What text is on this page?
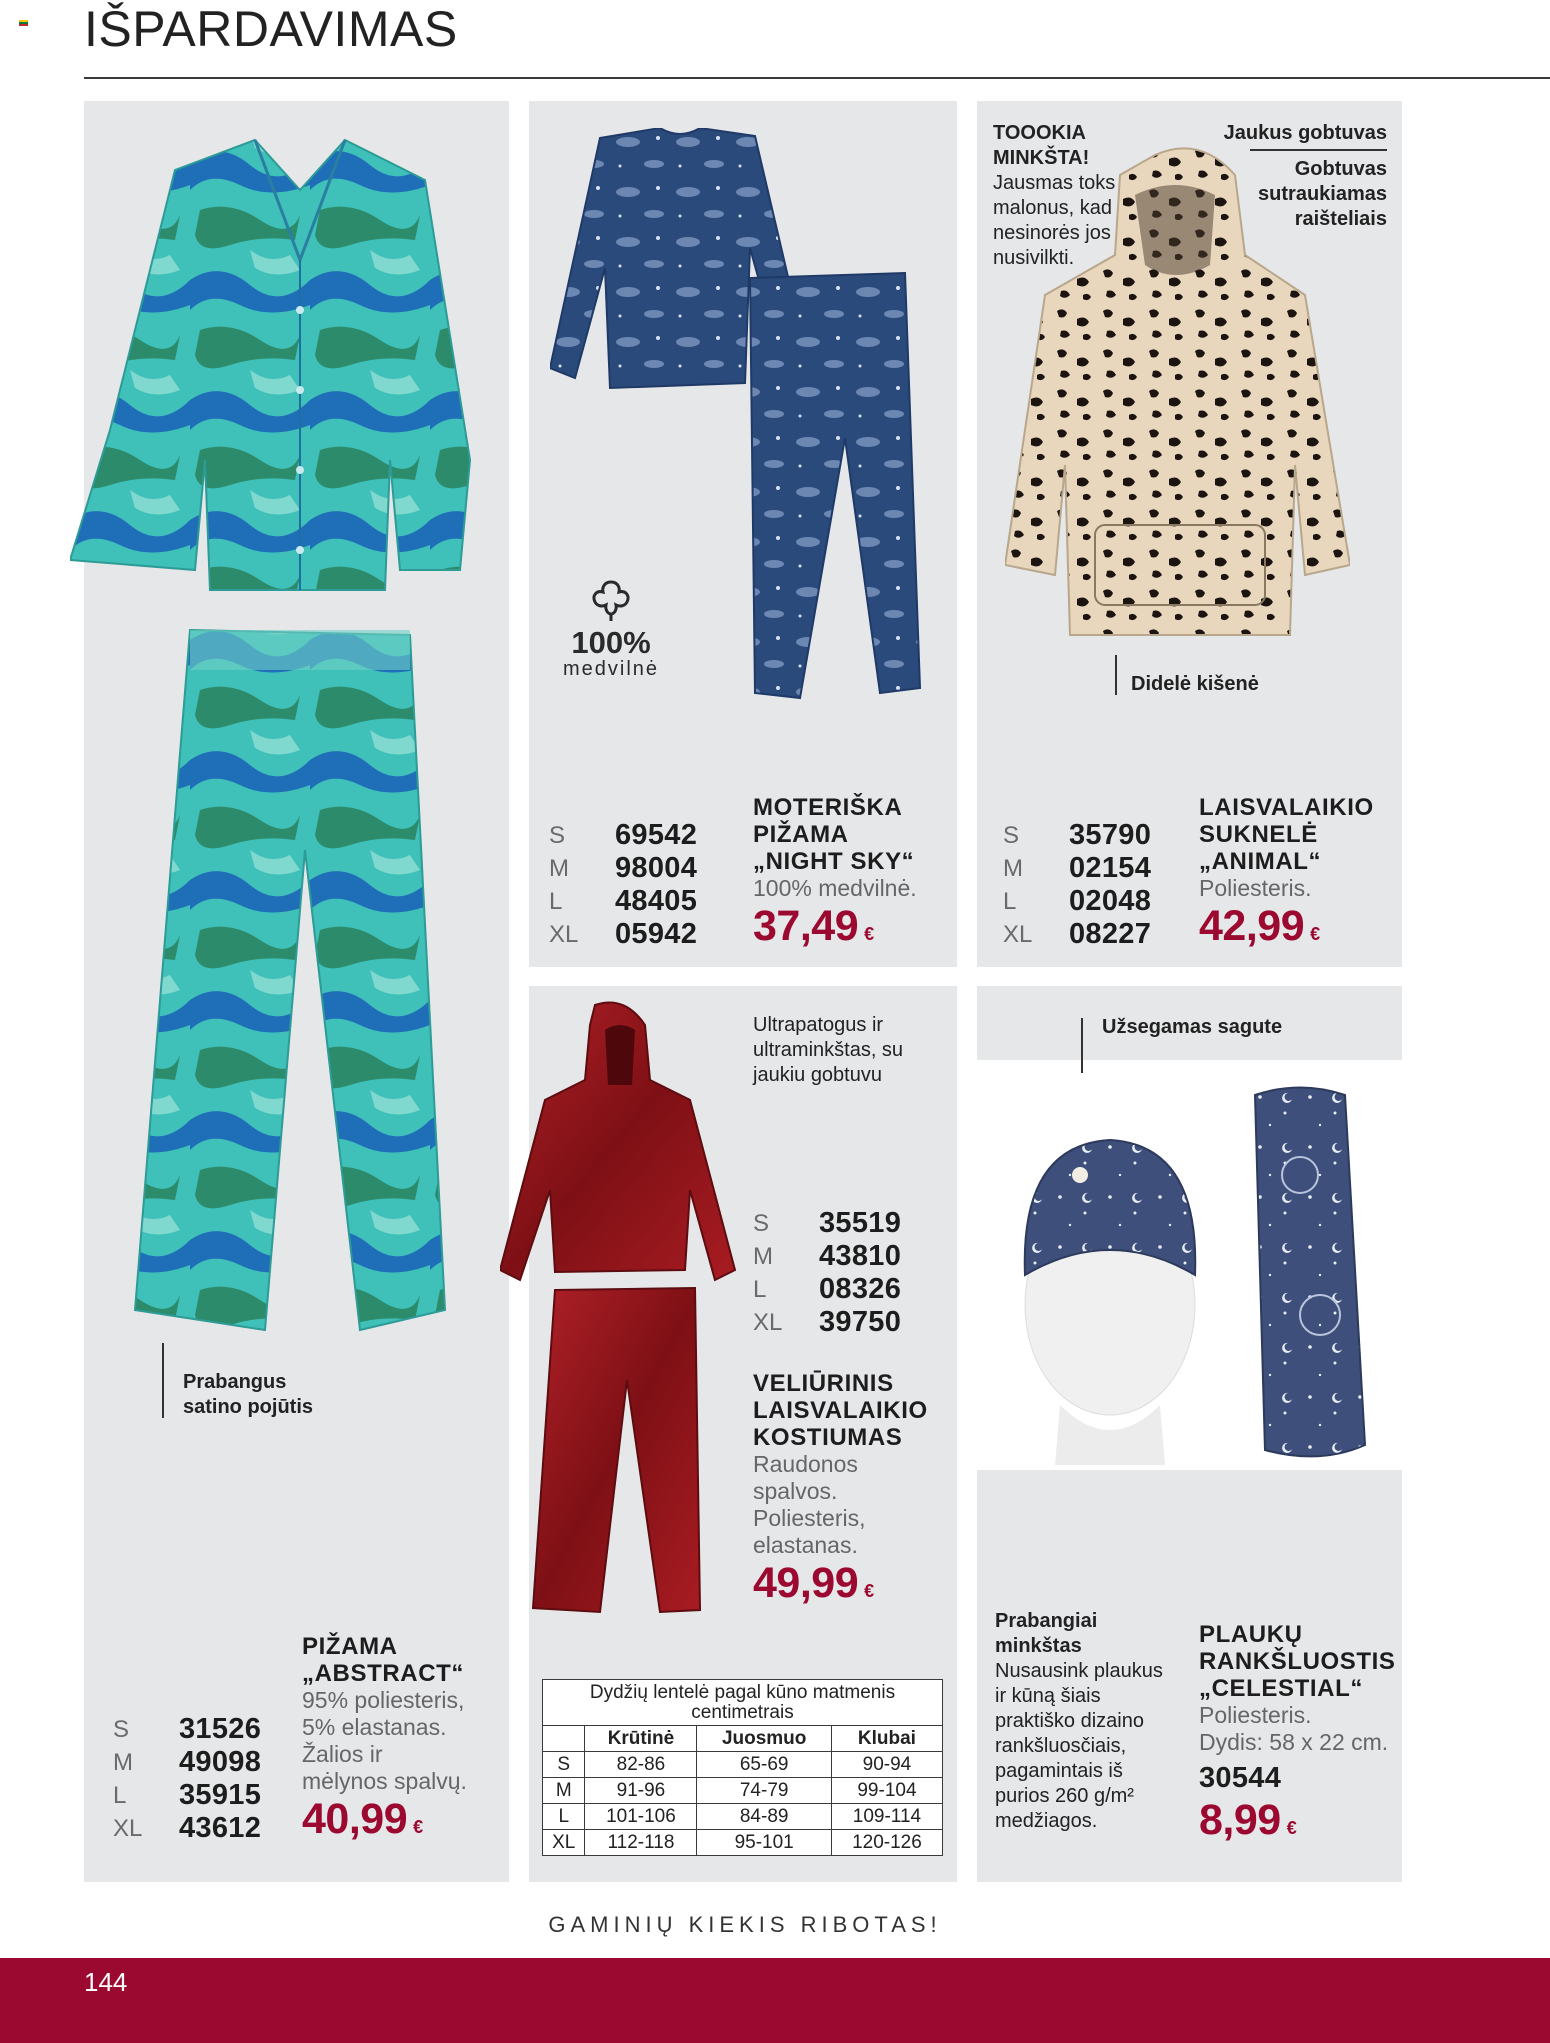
IŠPARDAVIMAS
Prabangus
satino pojūtis
S	31526
M	49098
L	35915
XL	43612
PIŽAMA
„ABSTRACT“
95% poliesteris,
5% elastanas.
Žalios ir
mėlynos spalvų.
40,99 €
100%
medvilnė
S	69542
M	98004
L	48405
XL	05942
MOTERIŠKA
PIŽAMA
„NIGHT SKY“
100% medvilnė.
37,49 €
TOOOKIA
MINKŠTA!
Jausmas toks
malonus, kad
nesinorės jos
nusivilkti.
Jaukus gobtuvas
Gobtuvas
sutraukiamas
raišteliais
Didelė kišenė
S	35790
M	02154
L	02048
XL	08227
LAISVALAIKIO
SUKNELĖ
„ANIMAL“
Poliesteris.
42,99 €
Ultrapatogus ir
ultraminkštas, su
jaukiu gobtuvu
S	35519
M	43810
L	08326
XL	39750
VELIŪRINIS
LAISVALAIKIO
KOSTIUMAS
Raudonos
spalvos.
Poliesteris,
elastanas.
49,99 €
Dydžių lentelė pagal kūno matmenis centimetrais			
	Krūtinė	Juosmuo	Klubai
S	82-86	65-69	90-94
M	91-96	74-79	99-104
L	101-106	84-89	109-114
XL	112-118	95-101	120-126
Užsegamas sagute
Prabangiai
minkštas
Nusausink plaukus
ir kūną šiais
praktiško dizaino
rankšluosčiais,
pagamintais iš
purios 260 g/m²
medžiagos.
PLAUKŲ
RANKŠLUOSTIS
„CELESTIAL“
Poliesteris.
Dydis: 58 x 22 cm.
30544
8,99 €
GAMINIŲ KIEKIS RIBOTAS!
144
